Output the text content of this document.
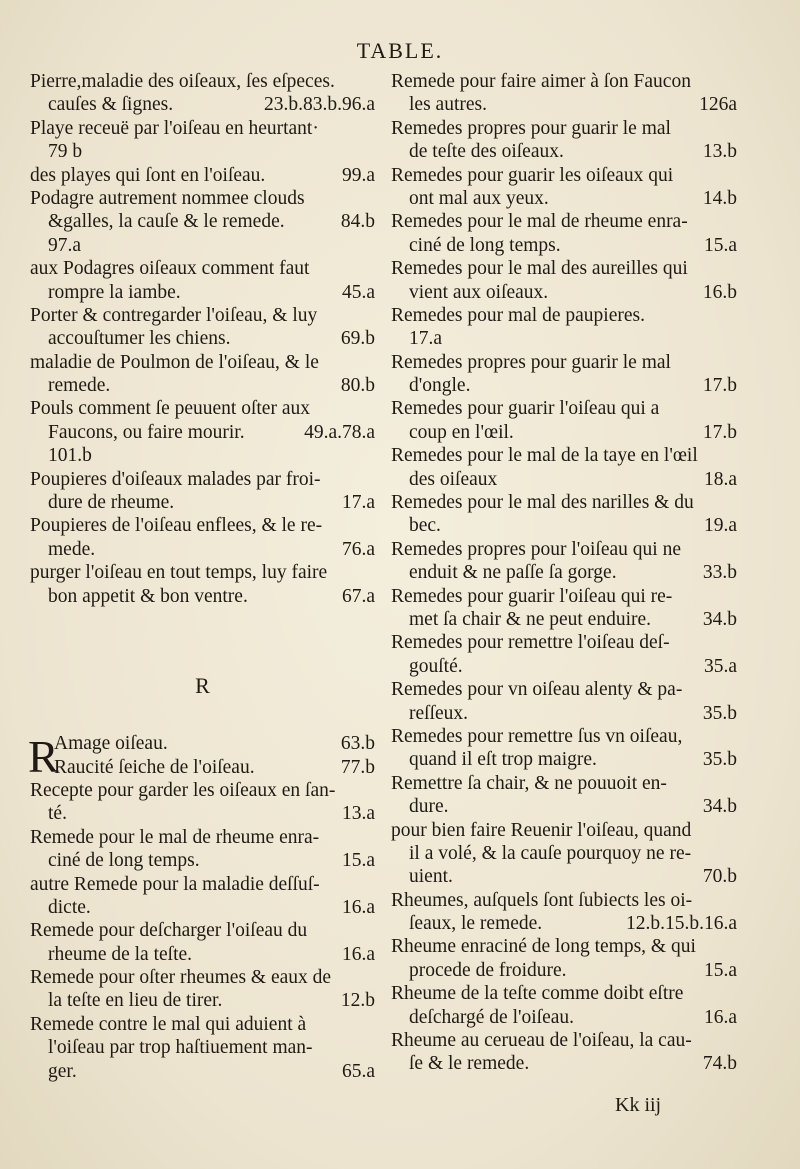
TABLE.
Pierre,maladie des oiſeaux, ſes eſpeces.
cauſes & ſignes.	23.b.83.b.96.a
Playe receuë par l'oiſeau en heurtant·
79 b
des playes qui ſont en l'oiſeau.	99.a
Podagre autrement nommee clouds
&galles, la cauſe & le remede.	84.b
97.a
aux Podagres oiſeaux comment faut
rompre la iambe.	45.a
Porter & contregarder l'oiſeau, & luy
accouſtumer les chiens.	69.b
maladie de Poulmon de l'oiſeau, & le
remede.	80.b
Pouls comment ſe peuuent oſter aux
Faucons, ou faire mourir.	49.a.78.a
101.b
Poupieres d'oiſeaux malades par froi-
dure de rheume.	17.a
Poupieres de l'oiſeau enflees, & le re-
mede.	76.a
purger l'oiſeau en tout temps, luy faire
bon appetit & bon ventre.	67.a
R
R
Amage oiſeau.	63.b
Raucité ſeiche de l'oiſeau.	77.b
Recepte pour garder les oiſeaux en ſan-
té.	13.a
Remede pour le mal de rheume enra-
ciné de long temps.	15.a
autre Remede pour la maladie deſſuſ-
dicte.	16.a
Remede pour deſcharger l'oiſeau du
rheume de la teſte.	16.a
Remede pour oſter rheumes & eaux de
la teſte en lieu de tirer.	12.b
Remede contre le mal qui aduient à
l'oiſeau par trop haſtiuement man-
ger.	65.a
Remede pour faire aimer à ſon Faucon
les autres.	126a
Remedes propres pour guarir le mal
de teſte des oiſeaux.	13.b
Remedes pour guarir les oiſeaux qui
ont mal aux yeux.	14.b
Remedes pour le mal de rheume enra-
ciné de long temps.	15.a
Remedes pour le mal des aureilles qui
vient aux oiſeaux.	16.b
Remedes pour mal de paupieres.
17.a
Remedes propres pour guarir le mal
d'ongle.	17.b
Remedes pour guarir l'oiſeau qui a
coup en l'œil.	17.b
Remedes pour le mal de la taye en l'œil
des oiſeaux	18.a
Remedes pour le mal des narilles & du
bec.	19.a
Remedes propres pour l'oiſeau qui ne
enduit & ne paſſe ſa gorge.	33.b
Remedes pour guarir l'oiſeau qui re-
met ſa chair & ne peut enduire.	34.b
Remedes pour remettre l'oiſeau deſ-
gouſté.	35.a
Remedes pour vn oiſeau alenty & pa-
reſſeux.	35.b
Remedes pour remettre ſus vn oiſeau,
quand il eſt trop maigre.	35.b
Remettre ſa chair, & ne pouuoit en-
dure.	34.b
pour bien faire Reuenir l'oiſeau, quand
il a volé, & la cauſe pourquoy ne re-
uient.	70.b
Rheumes, auſquels ſont ſubiects les oi-
ſeaux, le remede.	12.b.15.b.16.a
Rheume enraciné de long temps, & qui
procede de froidure.	15.a
Rheume de la teſte comme doibt eſtre
deſchargé de l'oiſeau.	16.a
Rheume au cerueau de l'oiſeau, la cau-
ſe & le remede.	74.b
Kk iij
